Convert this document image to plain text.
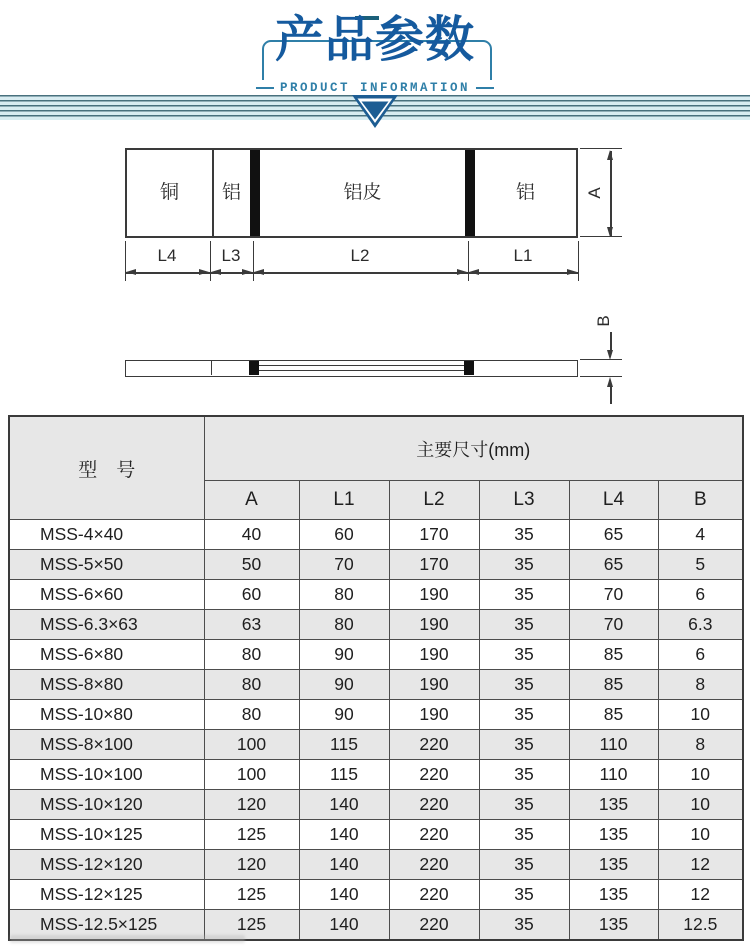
产品参数
PRODUCT INFORMATION
铜	铝	铝皮	铝	A
L4	L3	L2	L1
B
型　号	主要尺寸(mm)					
	A	L1	L2	L3	L4	B
MSS-4×40	40	60	170	35	65	4
MSS-5×50	50	70	170	35	65	5
MSS-6×60	60	80	190	35	70	6
MSS-6.3×63	63	80	190	35	70	6.3
MSS-6×80	80	90	190	35	85	6
MSS-8×80	80	90	190	35	85	8
MSS-10×80	80	90	190	35	85	10
MSS-8×100	100	115	220	35	110	8
MSS-10×100	100	115	220	35	110	10
MSS-10×120	120	140	220	35	135	10
MSS-10×125	125	140	220	35	135	10
MSS-12×120	120	140	220	35	135	12
MSS-12×125	125	140	220	35	135	12
MSS-12.5×125	125	140	220	35	135	12.5
